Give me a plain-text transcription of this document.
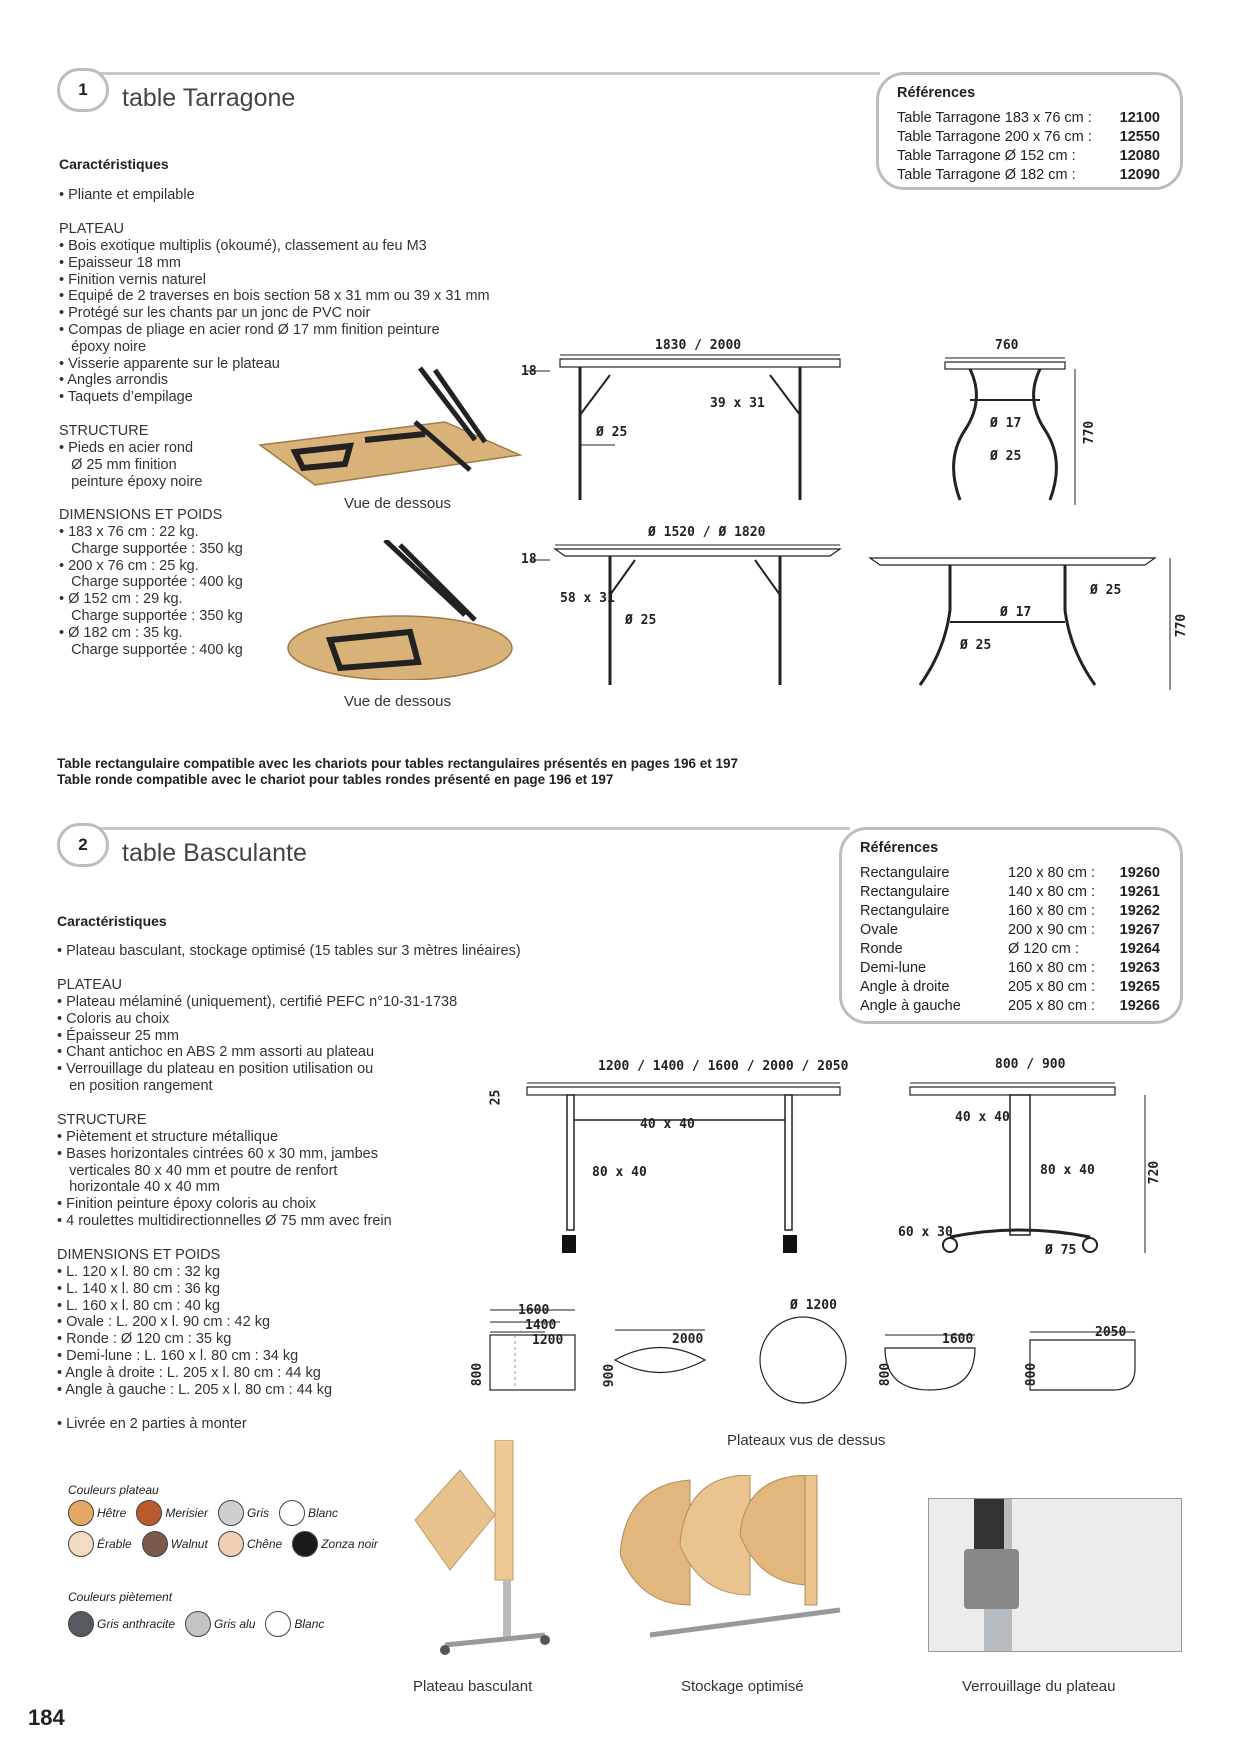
1	table Tarragone	Références
Table Tarragone 183 x 76 cm : 12100
Table Tarragone 200 x 76 cm : 12550
Table Tarragone Ø 152 cm :	12080
Table Tarragone Ø 182 cm :	12090
Caractéristiques
• Pliante et empilable
PLATEAU

• Bois exotique multiplis (okoumé), classement au feu M3

• Epaisseur 18 mm

• Finition vernis naturel

• Equipé de 2 traverses en bois section 58 x 31 mm ou 39 x 31 mm

• Protégé sur les chants par un jonc de PVC noir

• Compas de pliage en acier rond Ø 17 mm finition peinture

époxy noire

• Visserie apparente sur le plateau

• Angles arrondis

• Taquets d’empilage

STRUCTURE

• Pieds en acier rond

Ø 25 mm finition

peinture époxy noire

DIMENSIONS ET POIDS

• 183 x 76 cm : 22 kg.

Charge supportée : 350 kg

• 200 x 76 cm : 25 kg.

Charge supportée : 400 kg

• Ø 152 cm : 29 kg.

Charge supportée : 350 kg

• Ø 182 cm : 35 kg.

Charge supportée : 400 kg

Vue de dessous
Vue de dessous
1830 / 2000
18
39 x 31
Ø 25
760
Ø 17
Ø 25
770
Ø 1520 / Ø 1820
18
58 x 31
Ø 25
Ø 25
Ø 17
Ø 25
770
Table rectangulaire compatible avec les chariots pour tables rectangulaires présentés en pages 196 et 197
Table ronde compatible avec le chariot pour tables rondes présenté en page 196 et 197
2	table Basculante	Références
Rectangulaire	120 x 80 cm : 19260
Rectangulaire	140 x 80 cm : 19261
Rectangulaire	160 x 80 cm : 19262
Ovale	200 x 90 cm : 19267
Ronde	Ø 120 cm :	19264
Demi-lune	160 x 80 cm : 19263
Angle à droite	205 x 80 cm : 19265
Angle à gauche	205 x 80 cm : 19266
Caractéristiques
• Plateau basculant, stockage optimisé (15 tables sur 3 mètres linéaires)
PLATEAU

• Plateau mélaminé (uniquement), certifié PEFC n°10-31-1738

• Coloris au choix

• Épaisseur 25 mm

• Chant antichoc en ABS 2 mm assorti au plateau

• Verrouillage du plateau en position utilisation ou

en position rangement

STRUCTURE

• Piètement et structure métallique

• Bases horizontales cintrées 60 x 30 mm, jambes

verticales 80 x 40 mm et poutre de renfort

horizontale 40 x 40 mm

• Finition peinture époxy coloris au choix

• 4 roulettes multidirectionnelles Ø 75 mm avec frein

DIMENSIONS ET POIDS

• L. 120 x l. 80 cm : 32 kg

• L. 140 x l. 80 cm : 36 kg

• L. 160 x l. 80 cm : 40 kg

• Ovale : L. 200 x l. 90 cm : 42 kg

• Ronde : Ø 120 cm : 35 kg

• Demi-lune : L. 160 x l. 80 cm : 34 kg

• Angle à droite : L. 205 x l. 80 cm : 44 kg

• Angle à gauche : L. 205 x l. 80 cm : 44 kg

• Livrée en 2 parties à monter
1200 / 1400 / 1600 / 2000 / 2050
25
40 x 40
80 x 40
800 / 900
40 x 40
80 x 40	720
60 x 30
Ø 75
1600
1400
1200
800
2000
900
Ø 1200
1600
800
2050
800
Plateaux vus de dessus
Couleurs plateau
Hêtre	Merisier	Gris	Blanc
Érable	Walnut	Chêne	Zonza noir
Couleurs piètement
Gris anthracite	Gris alu	Blanc
Plateau basculant	Stockage optimisé	Verrouillage du plateau
184
